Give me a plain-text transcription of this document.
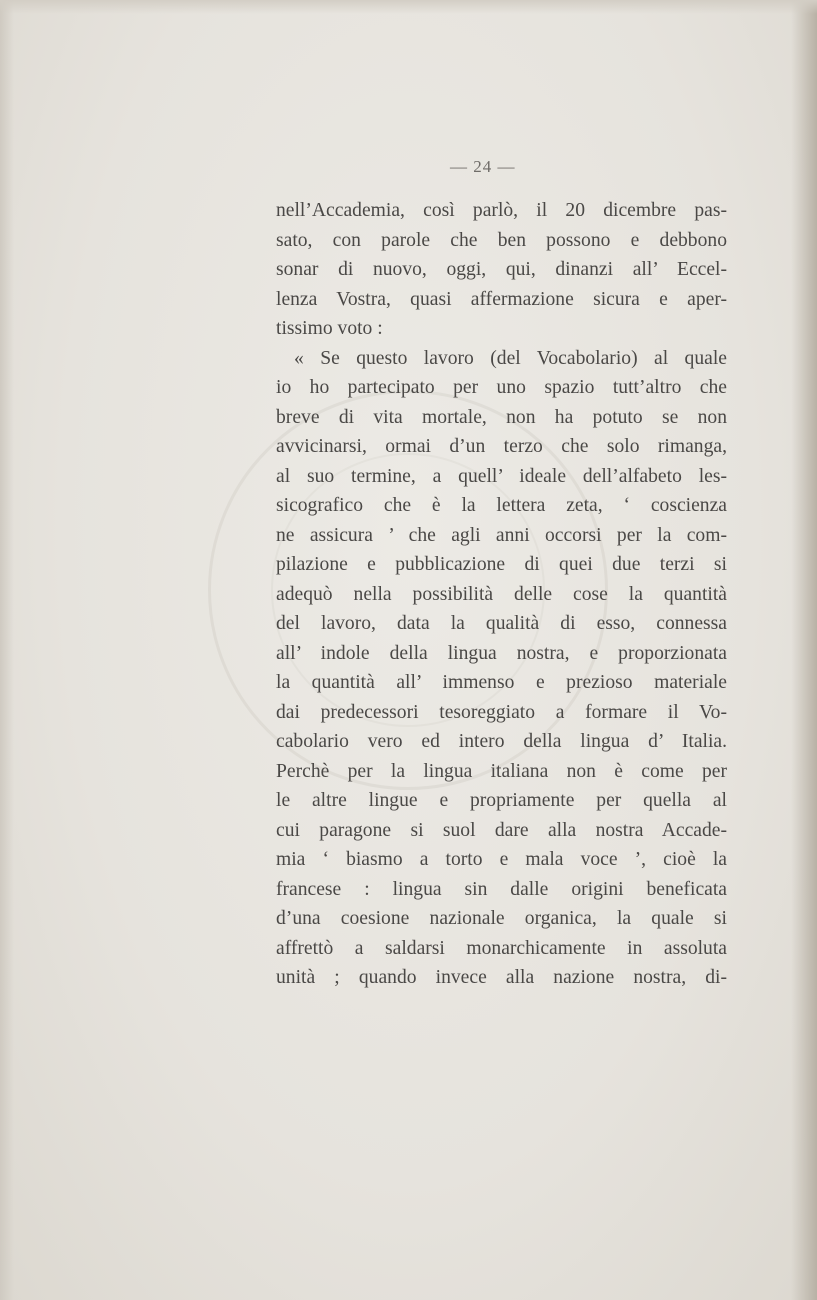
— 24 —
nell’Accademia, così parlò, il 20 dicembre pas-
sato, con parole che ben possono e debbono
sonar di nuovo, oggi, qui, dinanzi all’ Eccel-
lenza Vostra, quasi affermazione sicura e aper-
tissimo voto :
« Se questo lavoro (del Vocabolario) al quale
io ho partecipato per uno spazio tutt’altro che
breve di vita mortale, non ha potuto se non
avvicinarsi, ormai d’un terzo che solo rimanga,
al suo termine, a quell’ ideale dell’alfabeto les-
sicografico che è la lettera zeta, ‘ coscienza
ne assicura ’ che agli anni occorsi per la com-
pilazione e pubblicazione di quei due terzi si
adequò nella possibilità delle cose la quantità
del lavoro, data la qualità di esso, connessa
all’ indole della lingua nostra, e proporzionata
la quantità all’ immenso e prezioso materiale
dai predecessori tesoreggiato a formare il Vo-
cabolario vero ed intero della lingua d’ Italia.
Perchè per la lingua italiana non è come per
le altre lingue e propriamente per quella al
cui paragone si suol dare alla nostra Accade-
mia ‘ biasmo a torto e mala voce ’, cioè la
francese : lingua sin dalle origini beneficata
d’una coesione nazionale organica, la quale si
affrettò a saldarsi monarchicamente in assoluta
unità ; quando invece alla nazione nostra, di-
